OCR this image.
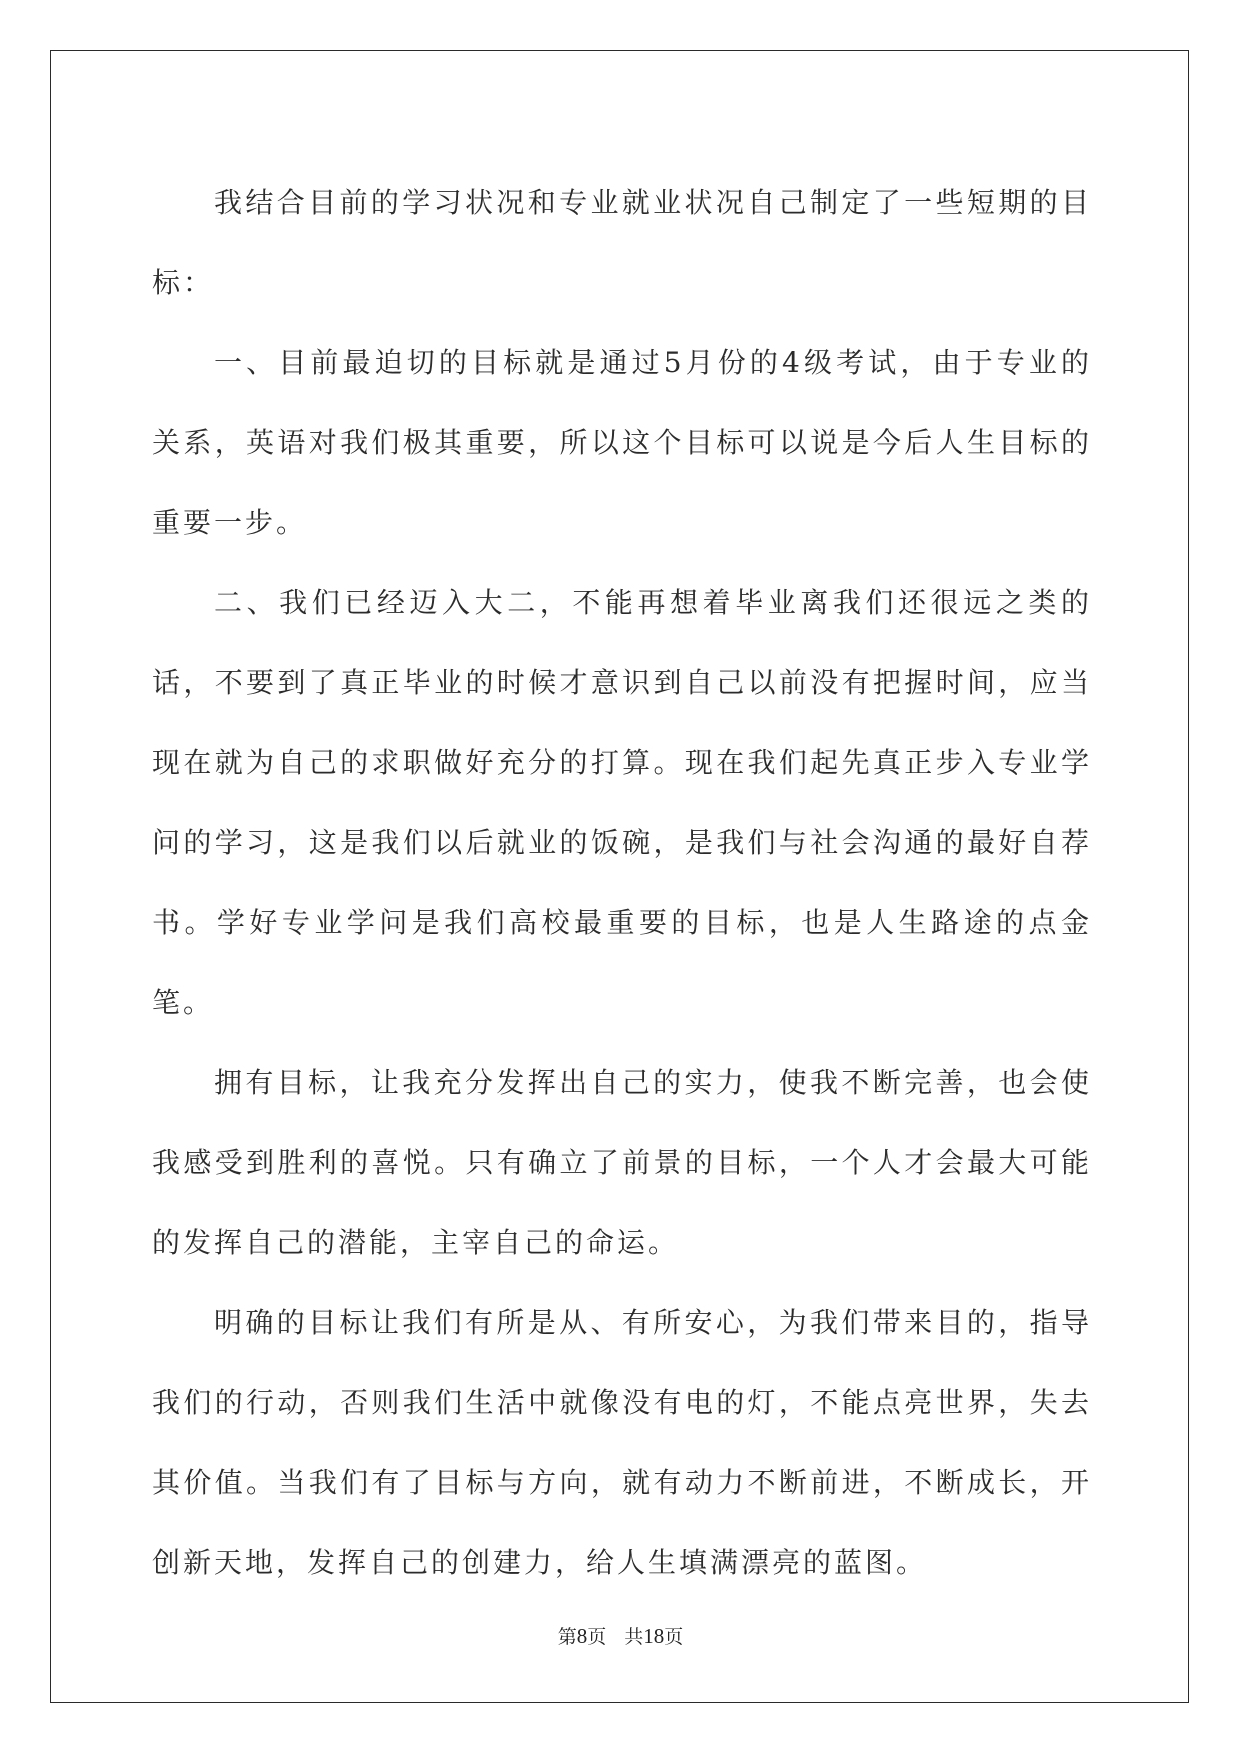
我结合目前的学习状况和专业就业状况自己制定了一些短期的目标：

一、目前最迫切的目标就是通过5月份的4级考试，由于专业的关系，英语对我们极其重要，所以这个目标可以说是今后人生目标的重要一步。

二、我们已经迈入大二，不能再想着毕业离我们还很远之类的话，不要到了真正毕业的时候才意识到自己以前没有把握时间，应当现在就为自己的求职做好充分的打算。现在我们起先真正步入专业学问的学习，这是我们以后就业的饭碗，是我们与社会沟通的最好自荐书。学好专业学问是我们高校最重要的目标，也是人生路途的点金笔。

拥有目标，让我充分发挥出自己的实力，使我不断完善，也会使我感受到胜利的喜悦。只有确立了前景的目标，一个人才会最大可能的发挥自己的潜能，主宰自己的命运。

明确的目标让我们有所是从、有所安心，为我们带来目的，指导我们的行动，否则我们生活中就像没有电的灯，不能点亮世界，失去其价值。当我们有了目标与方向，就有动力不断前进，不断成长，开创新天地，发挥自己的创建力，给人生填满漂亮的蓝图。

第8页 共18页
